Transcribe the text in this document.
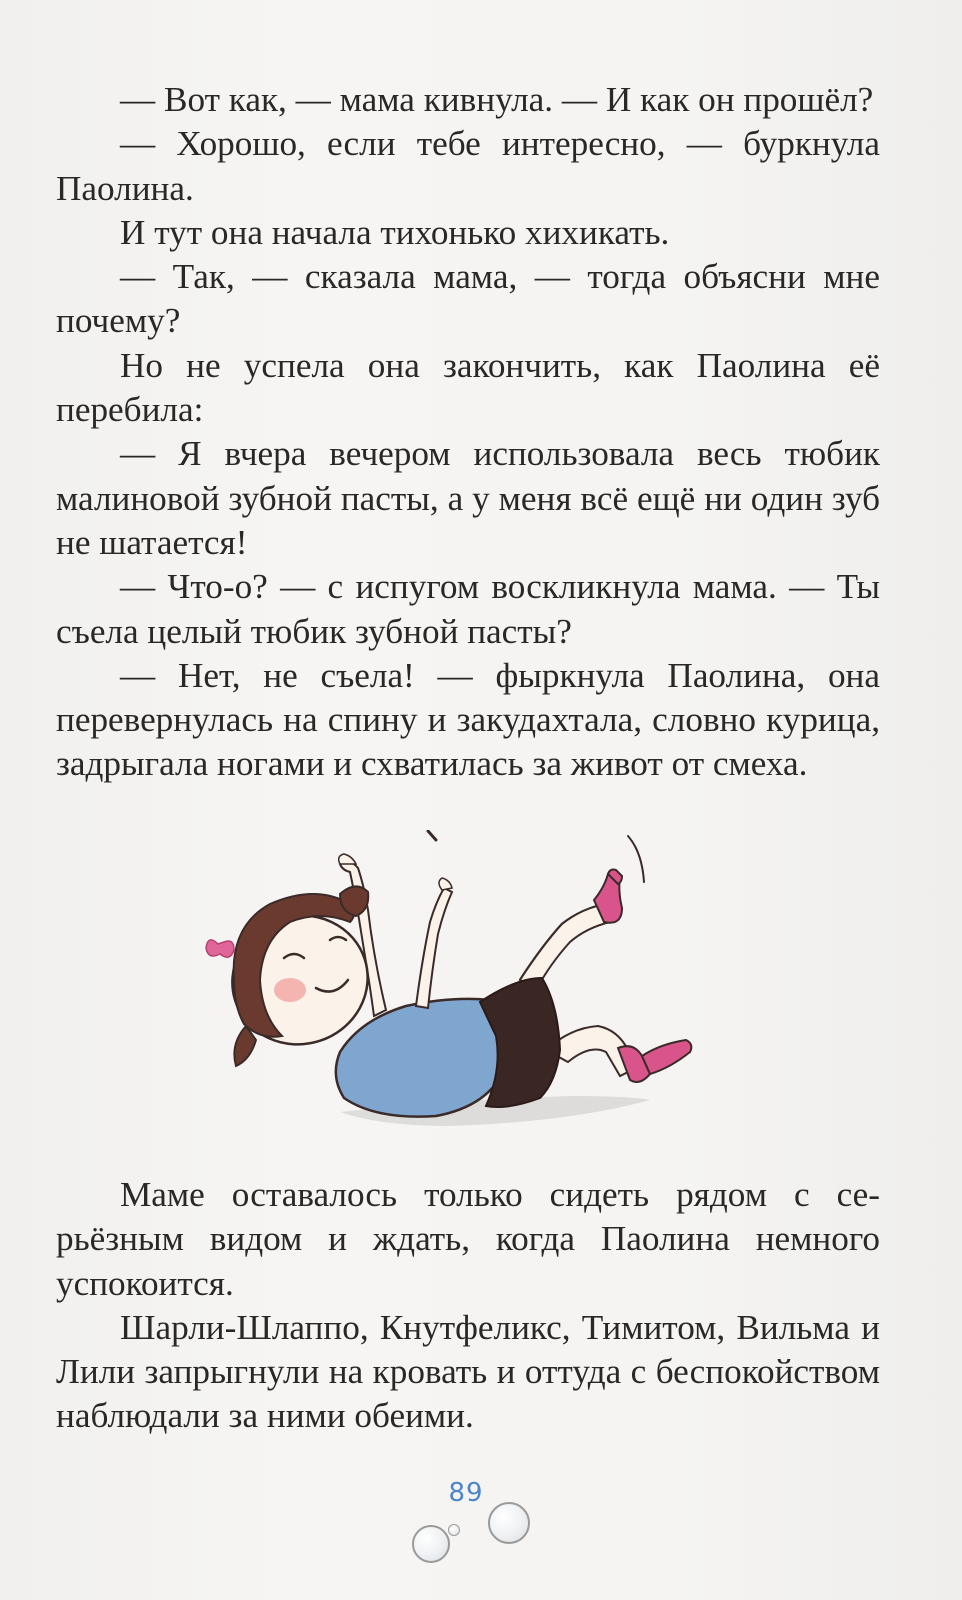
— Вот как, — мама кивнула. — И как он прошёл?

— Хорошо, если тебе интересно, — буркнула Паолина.

И тут она начала тихонько хихикать.

— Так, — сказала мама, — тогда объясни мне почему?

Но не успела она закончить, как Паолина её перебила:

— Я вчера вечером использовала весь тюбик малиновой зубной пасты, а у меня всё ещё ни один зуб не шатается!

— Что-о? — с испугом воскликнула мама. — Ты съела целый тюбик зубной пасты?

— Нет, не съела! — фыркнула Паолина, она перевернулась на спину и закудахтала, словно курица, задрыгала ногами и схватилась за живот от смеха.

Маме оставалось только сидеть рядом с серьёзным видом и ждать, когда Паолина немного успокоится.

Шарли-Шлаппо, Кнутфеликс, Тимитом, Вильма и Лили запрыгнули на кровать и оттуда с беспокойством наблюдали за ними обеими.

89
